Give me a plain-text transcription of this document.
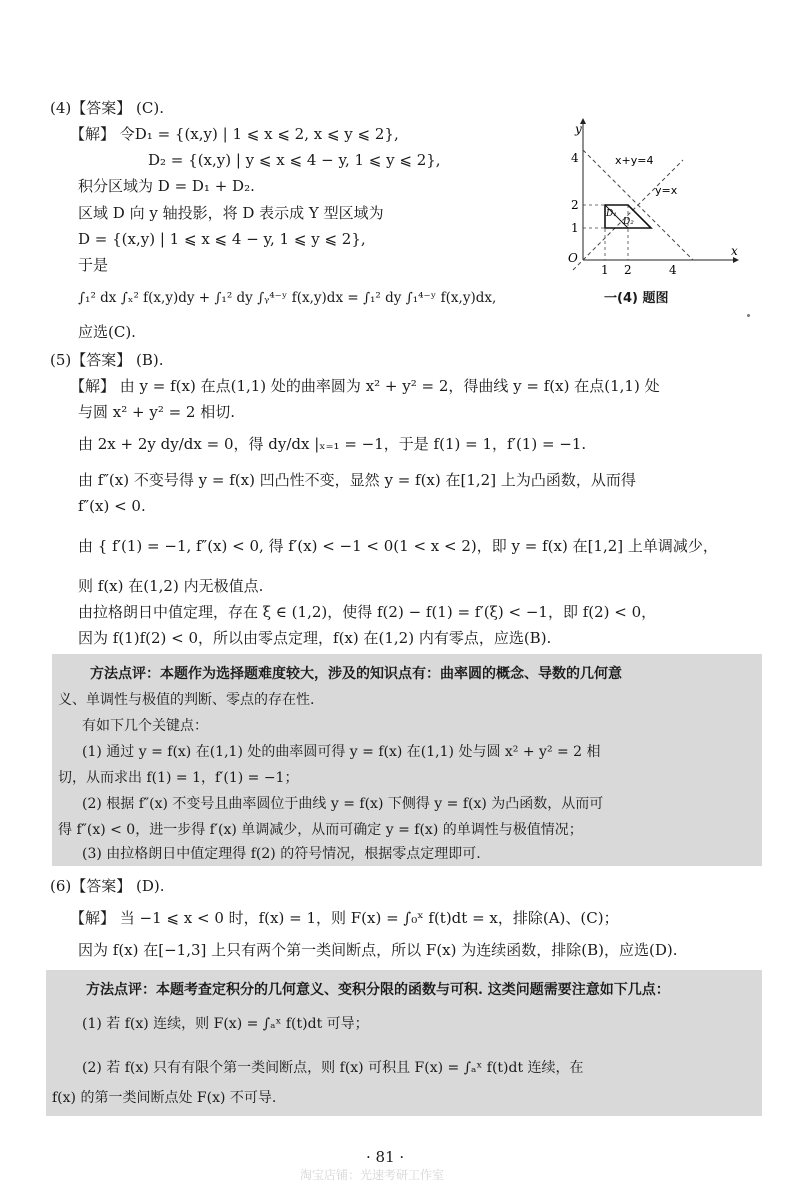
(4)【答案】 (C).
【解】 令D₁ = {(x,y) | 1 ⩽ x ⩽ 2, x ⩽ y ⩽ 2},
D₂ = {(x,y) | y ⩽ x ⩽ 4 − y, 1 ⩽ y ⩽ 2},
积分区域为 D = D₁ + D₂.
区域 D 向 y 轴投影，将 D 表示成 Y 型区域为
D = {(x,y) | 1 ⩽ x ⩽ 4 − y, 1 ⩽ y ⩽ 2},
于是
∫₁² dx ∫ₓ² f(x,y)dy + ∫₁² dy ∫ᵧ⁴⁻ʸ f(x,y)dx = ∫₁² dy ∫₁⁴⁻ʸ f(x,y)dx,
应选(C).
O
y
x
4
2
1
1 2	4
x+y=4
y=x
D₁
D₂
一(4) 题图
(5)【答案】 (B).
【解】 由 y = f(x) 在点(1,1) 处的曲率圆为 x² + y² = 2，得曲线 y = f(x) 在点(1,1) 处
与圆 x² + y² = 2 相切.
由 2x + 2y dy/dx = 0，得 dy/dx |ₓ₌₁ = −1，于是 f(1) = 1，f′(1) = −1.
由 f″(x) 不变号得 y = f(x) 凹凸性不变，显然 y = f(x) 在[1,2] 上为凸函数，从而得
f″(x) < 0.
由 { f′(1) = −1, f″(x) < 0, 得 f′(x) < −1 < 0(1 < x < 2)，即 y = f(x) 在[1,2] 上单调减少，
则 f(x) 在(1,2) 内无极值点.
由拉格朗日中值定理，存在 ξ ∈ (1,2)，使得 f(2) − f(1) = f′(ξ) < −1，即 f(2) < 0，
因为 f(1)f(2) < 0，所以由零点定理，f(x) 在(1,2) 内有零点，应选(B).
方法点评：本题作为选择题难度较大，涉及的知识点有：曲率圆的概念、导数的几何意
义、单调性与极值的判断、零点的存在性.
有如下几个关键点：
(1) 通过 y = f(x) 在(1,1) 处的曲率圆可得 y = f(x) 在(1,1) 处与圆 x² + y² = 2 相
切，从而求出 f(1) = 1，f′(1) = −1；
(2) 根据 f″(x) 不变号且曲率圆位于曲线 y = f(x) 下侧得 y = f(x) 为凸函数，从而可
得 f″(x) < 0，进一步得 f′(x) 单调减少，从而可确定 y = f(x) 的单调性与极值情况；
(3) 由拉格朗日中值定理得 f(2) 的符号情况，根据零点定理即可.
(6)【答案】 (D).
【解】 当 −1 ⩽ x < 0 时，f(x) = 1，则 F(x) = ∫₀ˣ f(t)dt = x，排除(A)、(C)；
因为 f(x) 在[−1,3] 上只有两个第一类间断点，所以 F(x) 为连续函数，排除(B)，应选(D).
方法点评：本题考查定积分的几何意义、变积分限的函数与可积. 这类问题需要注意如下几点：
(1) 若 f(x) 连续，则 F(x) = ∫ₐˣ f(t)dt 可导；
(2) 若 f(x) 只有有限个第一类间断点，则 f(x) 可积且 F(x) = ∫ₐˣ f(t)dt 连续，在
f(x) 的第一类间断点处 F(x) 不可导.
· 81 ·
淘宝店铺：光速考研工作室
